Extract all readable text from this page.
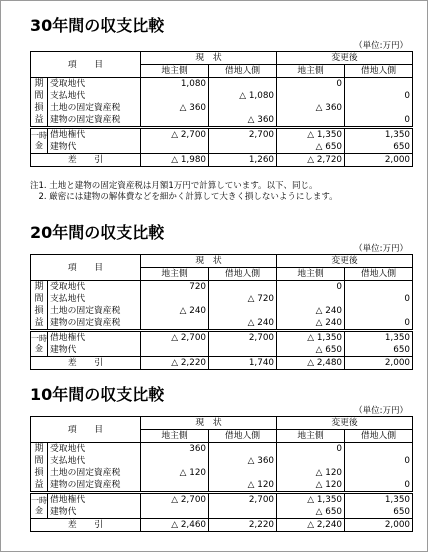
30年間の収支比較
（単位:万円）
項　　目		現　状		変更後	
		地主側	借地人側	地主側	借地人側
期間損益	受取地代	1,080		0	
	支払地代		△ 1,080		0
	土地の固定資産税	△ 360		△ 360	
	建物の固定資産税		△ 360		0
一時金	借地権代	△ 2,700	2,700	△ 1,350	1,350
	建物代			△ 650	650
差　　引		△ 1,980	1,260	△ 2,720	2,000
注1. 土地と建物の固定資産税は月額1万円で計算しています。以下、同じ。
　2. 厳密には建物の解体費などを細かく計算して大きく損しないようにします。
20年間の収支比較
（単位:万円）
項　　目		現　状		変更後	
		地主側	借地人側	地主側	借地人側
期間損益	受取地代	720		0	
	支払地代		△ 720		0
	土地の固定資産税	△ 240		△ 240	
	建物の固定資産税		△ 240	△ 240	0
一時金	借地権代	△ 2,700	2,700	△ 1,350	1,350
	建物代			△ 650	650
差　　引		△ 2,220	1,740	△ 2,480	2,000
10年間の収支比較
（単位:万円）
項　　目		現　状		変更後	
		地主側	借地人側	地主側	借地人側
期間損益	受取地代	360		0	
	支払地代		△ 360		0
	土地の固定資産税	△ 120		△ 120	
	建物の固定資産税		△ 120	△ 120	0
一時金	借地権代	△ 2,700	2,700	△ 1,350	1,350
	建物代			△ 650	650
差　　引		△ 2,460	2,220	△ 2,240	2,000
